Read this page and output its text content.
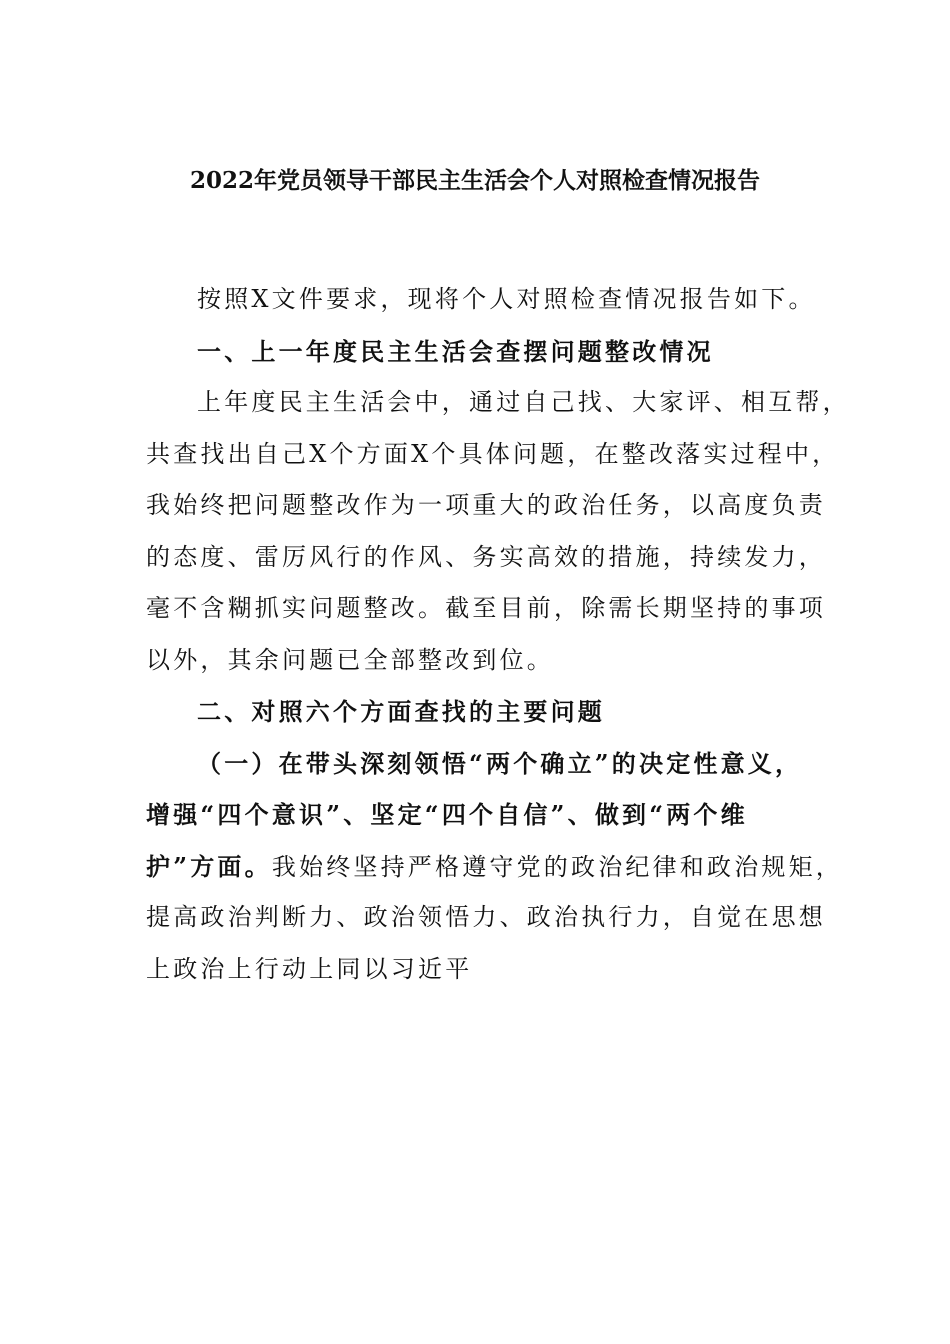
2022年党员领导干部民主生活会个人对照检查情况报告
按照X文件要求，现将个人对照检查情况报告如下。
一、上一年度民主生活会查摆问题整改情况
上年度民主生活会中，通过自己找、大家评、相互帮，
共查找出自己X个方面X个具体问题，在整改落实过程中，
我始终把问题整改作为一项重大的政治任务，以高度负责
的态度、雷厉风行的作风、务实高效的措施，持续发力，
毫不含糊抓实问题整改。截至目前，除需长期坚持的事项
以外，其余问题已全部整改到位。
二、对照六个方面查找的主要问题
（一）在带头深刻领悟“两个确立”的决定性意义，
增强“四个意识”、坚定“四个自信”、做到“两个维
护”方面。我始终坚持严格遵守党的政治纪律和政治规矩，
提高政治判断力、政治领悟力、政治执行力，自觉在思想
上政治上行动上同以习近平
